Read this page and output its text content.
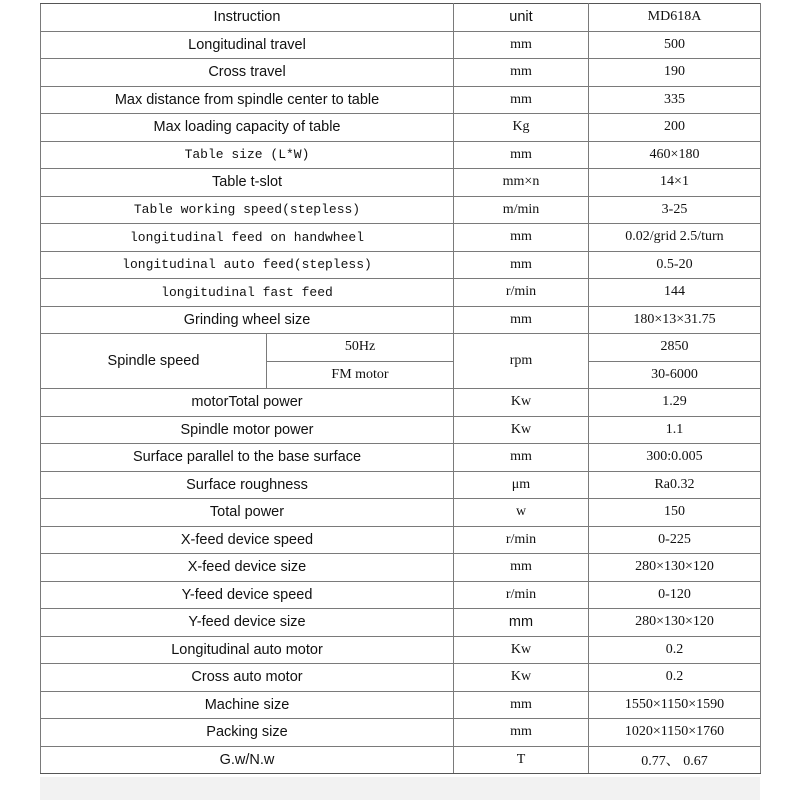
Instruction		unit	MD618A
Longitudinal travel		mm	500
Cross travel		mm	190
Max distance from spindle center to table		mm	335
Max loading capacity of table		Kg	200
Table size (L*W)		mm	460×180
Table t-slot		mm×n	14×1
Table working speed(stepless)		m/min	3-25
longitudinal feed on handwheel		mm	0.02/grid 2.5/turn
longitudinal auto feed(stepless)		mm	0.5-20
longitudinal fast feed		r/min	144
Grinding wheel size		mm	180×13×31.75
Spindle speed	50Hz	rpm	2850
	FM motor		30-6000
motorTotal power		Kw	1.29
Spindle motor power		Kw	1.1
Surface parallel to the base surface		mm	300:0.005
Surface roughness		μm	Ra0.32
Total power		w	150
X-feed device speed		r/min	0-225
X-feed device size		mm	280×130×120
Y-feed device speed		r/min	0-120
Y-feed device size		mm	280×130×120
Longitudinal auto motor		Kw	0.2
Cross auto motor		Kw	0.2
Machine size		mm	1550×1150×1590
Packing size		mm	1020×1150×1760
G.w/N.w		T	0.77、 0.67
